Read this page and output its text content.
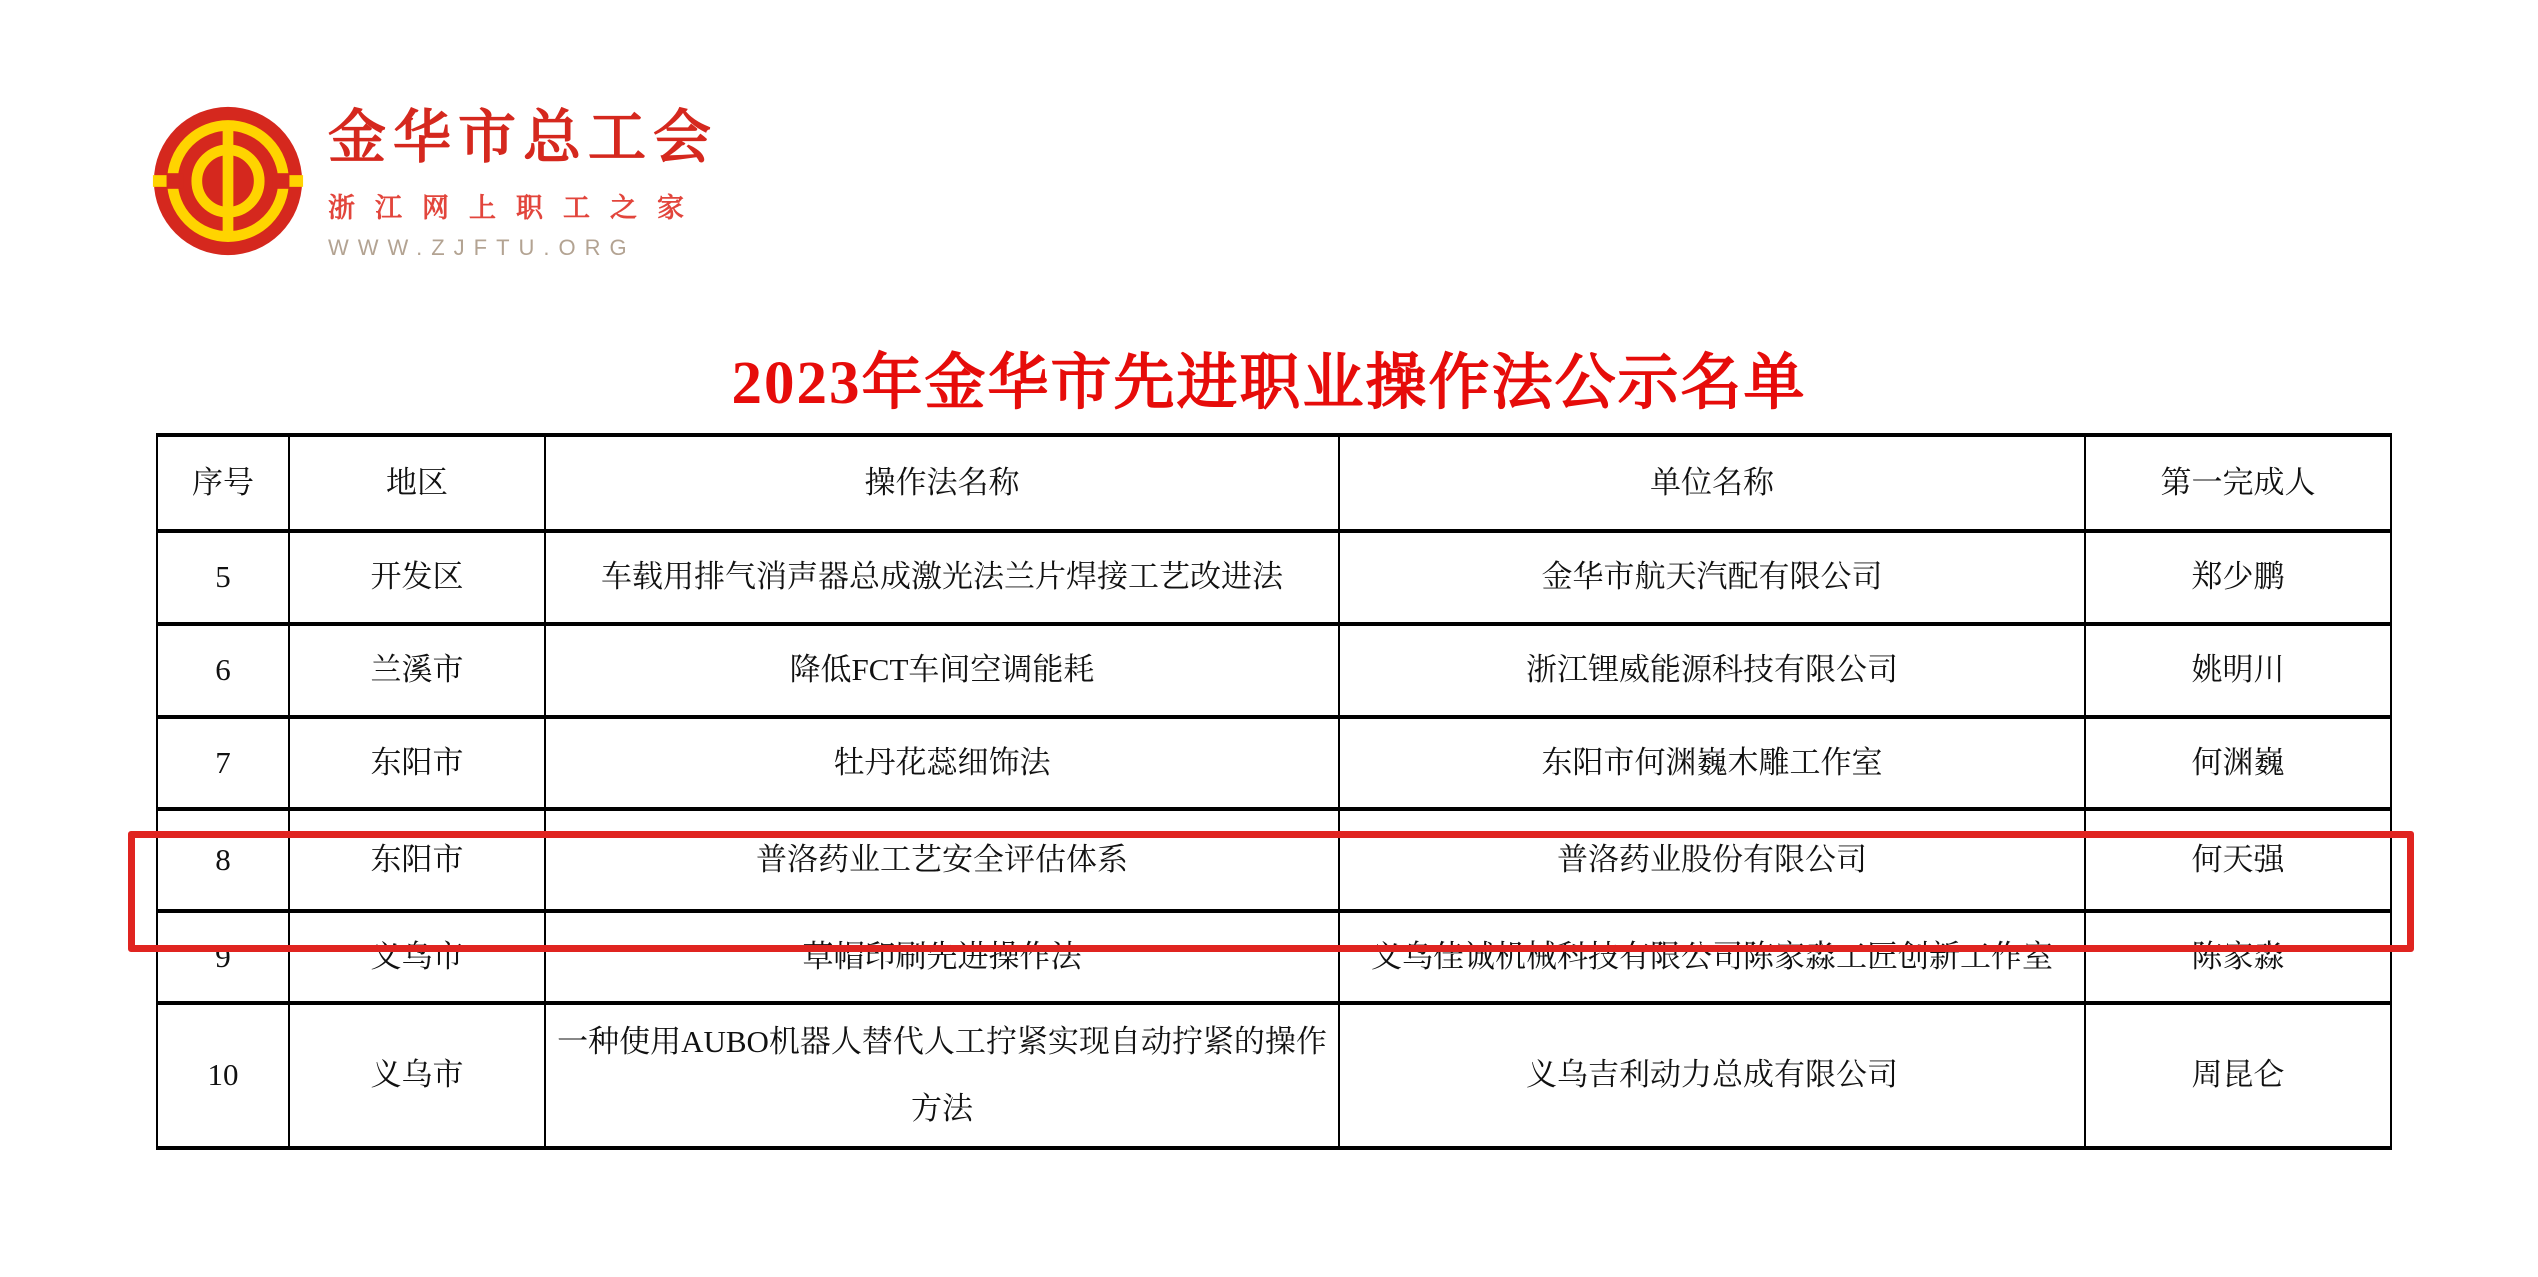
金华市总工会
浙江网上职工之家
WWW.ZJFTU.ORG
2023年金华市先进职业操作法公示名单
序号	地区	操作法名称	单位名称	第一完成人
5	开发区	车载用排气消声器总成激光法兰片焊接工艺改进法	金华市航天汽配有限公司	郑少鹏
6	兰溪市	降低FCT车间空调能耗	浙江锂威能源科技有限公司	姚明川
7	东阳市	牡丹花蕊细饰法	东阳市何渊巍木雕工作室	何渊巍
8	东阳市	普洛药业工艺安全评估体系	普洛药业股份有限公司	何天强
9	义乌市	草帽印刷先进操作法	义乌佳诚机械科技有限公司陈家淼工匠创新工作室	陈家淼
10	义乌市	一种使用AUBO机器人替代人工拧紧实现自动拧紧的操作方法	义乌吉利动力总成有限公司	周昆仑
